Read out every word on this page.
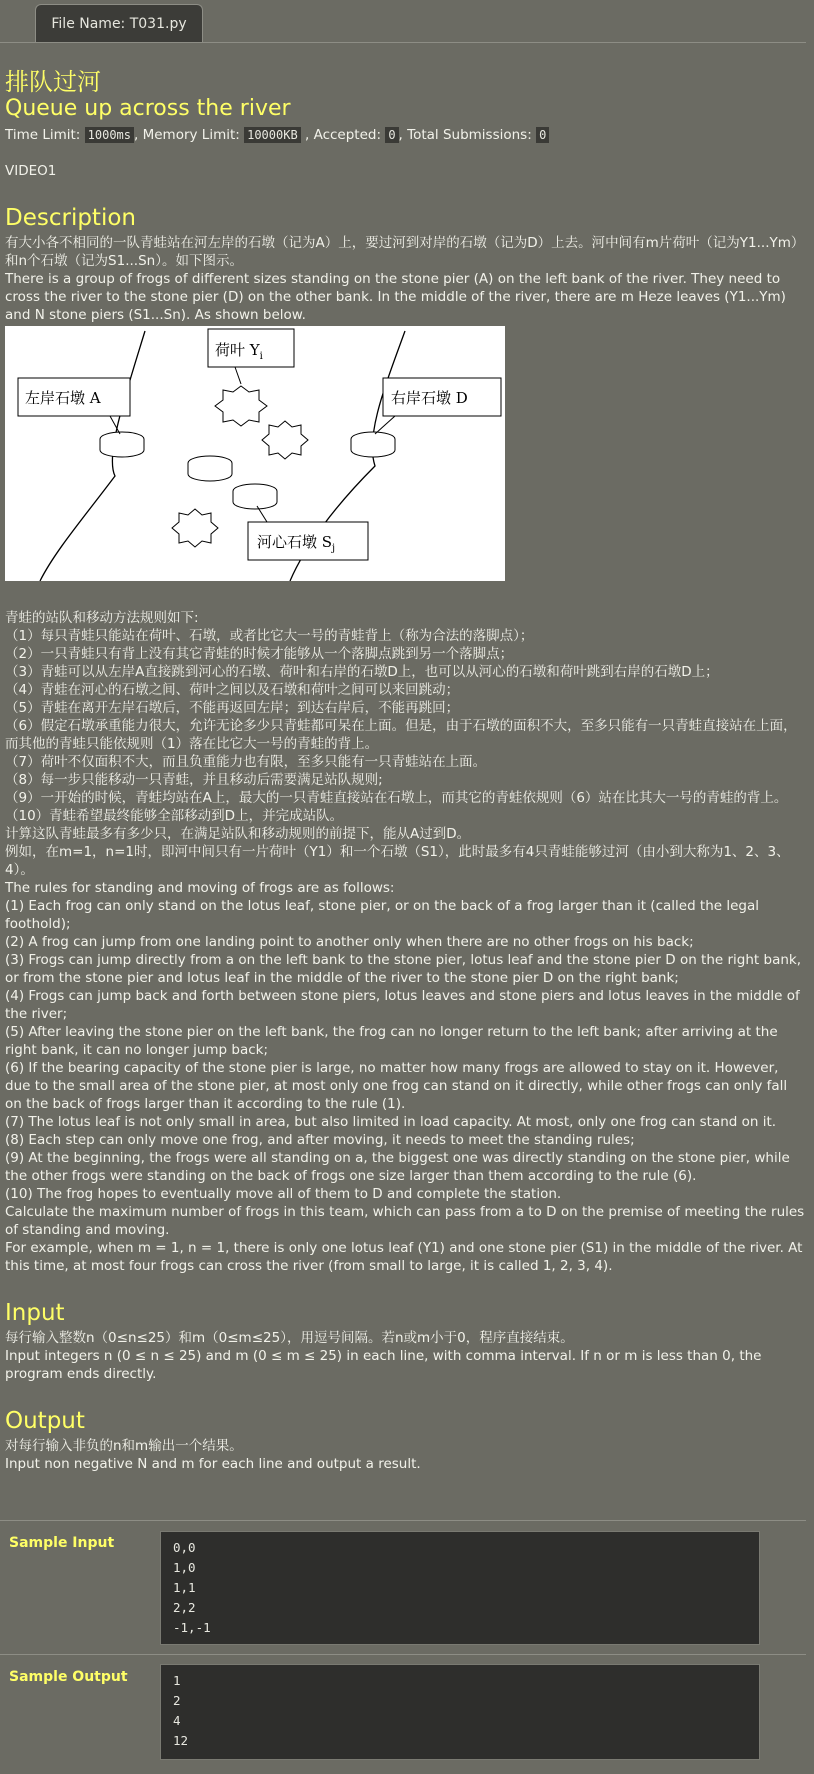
File Name: T031.py
排队过河
Queue up across the river
Time Limit: 1000ms , Memory Limit: 10000KB , Accepted: 0 , Total Submissions: 0
VIDEO1
Description

有大小各不相同的一队青蛙站在河左岸的石墩（记为A）上，要过河到对岸的石墩（记为D）上去。河中间有m片荷叶（记为Y1...Ym）和n个石墩（记为S1...Sn）。如下图示。

There is a group of frogs of different sizes standing on the stone pier (A) on the left bank of the river. They need to cross the river to the stone pier (D) on the other bank. In the middle of the river, there are m Heze leaves (Y1...Ym) and N stone piers (S1...Sn). As shown below.

左岸石墩 A
荷叶 $Y_i$
右岸石墩 D
河心石墩 $S_j$

青蛙的站队和移动方法规则如下:

（1）每只青蛙只能站在荷叶、石墩，或者比它大一号的青蛙背上（称为合法的落脚点）；

（2）一只青蛙只有背上没有其它青蛙的时候才能够从一个落脚点跳到另一个落脚点；

（3）青蛙可以从左岸A直接跳到河心的石墩、荷叶和右岸的石墩D上，也可以从河心的石墩和荷叶跳到右岸的石墩D上；

（4）青蛙在河心的石墩之间、荷叶之间以及石墩和荷叶之间可以来回跳动；

（5）青蛙在离开左岸石墩后，不能再返回左岸；到达右岸后，不能再跳回；

（6）假定石墩承重能力很大，允许无论多少只青蛙都可呆在上面。但是，由于石墩的面积不大，至多只能有一只青蛙直接站在上面，而其他的青蛙只能依规则（1）落在比它大一号的青蛙的背上。

（7）荷叶不仅面积不大，而且负重能力也有限，至多只能有一只青蛙站在上面。

（8）每一步只能移动一只青蛙，并且移动后需要满足站队规则;

（9）一开始的时候，青蛙均站在A上，最大的一只青蛙直接站在石墩上，而其它的青蛙依规则（6）站在比其大一号的青蛙的背上。

（10）青蛙希望最终能够全部移动到D上，并完成站队。

计算这队青蛙最多有多少只，在满足站队和移动规则的前提下，能从A过到D。

例如，在m=1，n=1时，即河中间只有一片荷叶（Y1）和一个石墩（S1），此时最多有4只青蛙能够过河（由小到大称为1、2、3、4）。

The rules for standing and moving of frogs are as follows:

(1) Each frog can only stand on the lotus leaf, stone pier, or on the back of a frog larger than it (called the legal foothold);

(2) A frog can jump from one landing point to another only when there are no other frogs on his back;

(3) Frogs can jump directly from a on the left bank to the stone pier, lotus leaf and the stone pier D on the right bank, or from the stone pier and lotus leaf in the middle of the river to the stone pier D on the right bank;

(4) Frogs can jump back and forth between stone piers, lotus leaves and stone piers and lotus leaves in the middle of the river;

(5) After leaving the stone pier on the left bank, the frog can no longer return to the left bank; after arriving at the right bank, it can no longer jump back;

(6) If the bearing capacity of the stone pier is large, no matter how many frogs are allowed to stay on it. However, due to the small area of the stone pier, at most only one frog can stand on it directly, while other frogs can only fall on the back of frogs larger than it according to the rule (1).

(7) The lotus leaf is not only small in area, but also limited in load capacity. At most, only one frog can stand on it.

(8) Each step can only move one frog, and after moving, it needs to meet the standing rules;

(9) At the beginning, the frogs were all standing on a, the biggest one was directly standing on the stone pier, while the other frogs were standing on the back of frogs one size larger than them according to the rule (6).

(10) The frog hopes to eventually move all of them to D and complete the station.

Calculate the maximum number of frogs in this team, which can pass from a to D on the premise of meeting the rules of standing and moving.

For example, when m = 1, n = 1, there is only one lotus leaf (Y1) and one stone pier (S1) in the middle of the river. At this time, at most four frogs can cross the river (from small to large, it is called 1, 2, 3, 4).

Input

每行输入整数n（0≤n≤25）和m（0≤m≤25），用逗号间隔。若n或m小于0，程序直接结束。

Input integers n (0 ≤ n ≤ 25) and m (0 ≤ m ≤ 25) in each line, with comma interval. If n or m is less than 0, the program ends directly.

Output

对每行输入非负的n和m输出一个结果。

Input non negative N and m for each line and output a result.

Sample Input	0,0
1,0
1,1
2,2
-1,-1
Sample Output	1
2
4
12
